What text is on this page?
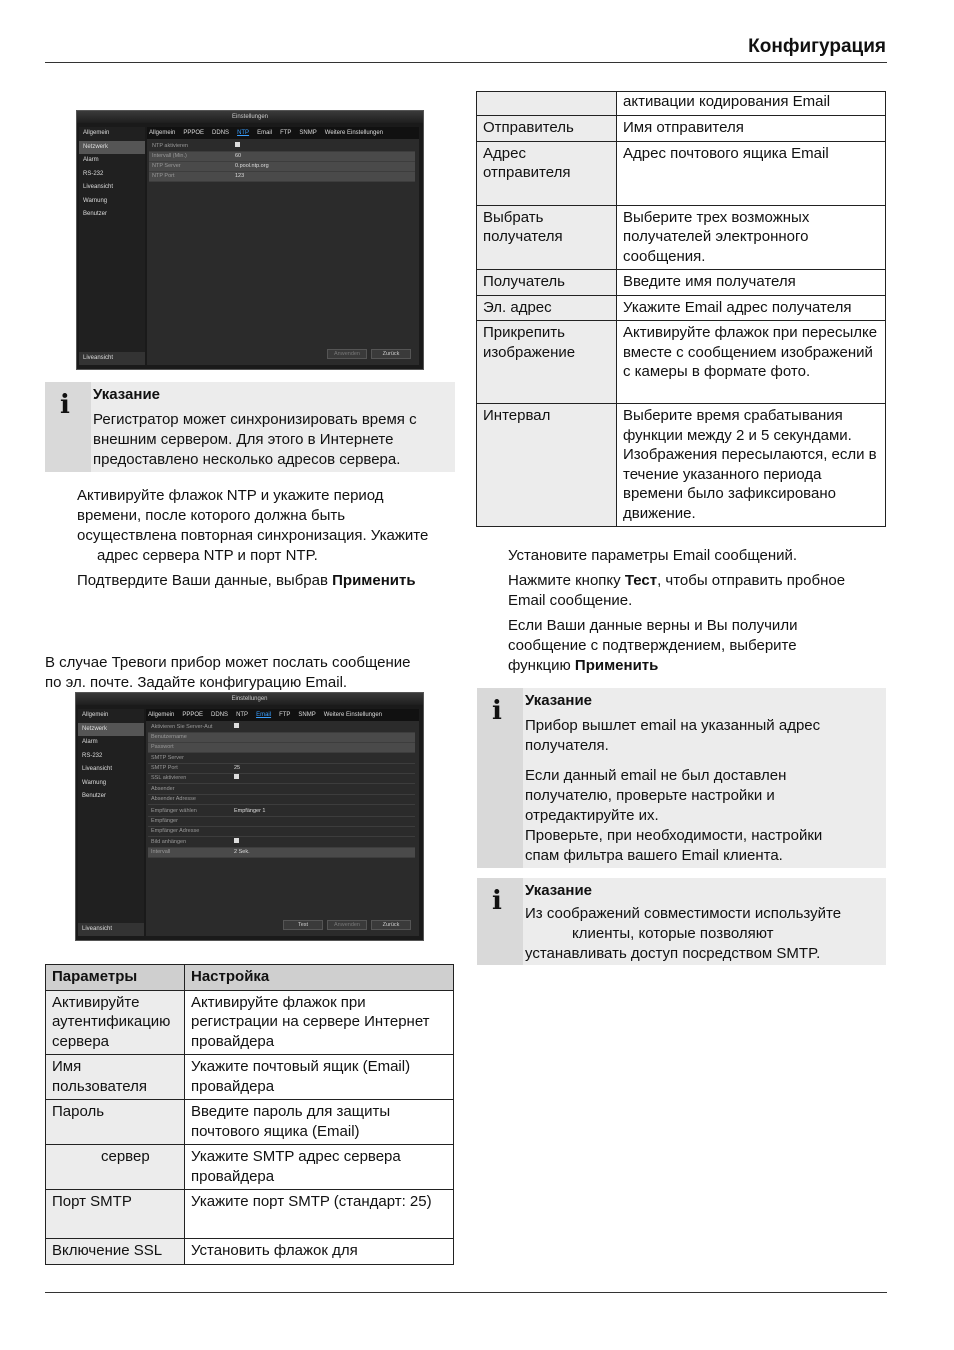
Конфигурация
Einstellungen
Allgemein
Netzwerk
Alarm
RS-232
Liveansicht
Warnung
Benutzer
Liveansicht
Allgemein PPPOE DDNS NTP Email FTP SNMP Weitere Einstellungen
NTP aktivieren
Intervall (Min.)	60
NTP Server	0.pool.ntp.org
NTP Port	123
Anwenden	Zurück
i Указание
Регистратор может синхронизировать время с
внешним сервером. Для этого в Интернете
предоставлено несколько адресов сервера.
Активируйте флажок NTP и укажите период
времени, после которого должна быть
осуществлена повторная синхронизация. Укажите
адрес сервера NTP и порт NTP.
Подтвердите Ваши данные, выбрав Применить
В случае Тревоги прибор может послать сообщение
по эл. почте. Задайте конфигурацию Email.
Einstellungen
Allgemein
Netzwerk
Alarm
RS-232
Liveansicht
Warnung
Benutzer
Liveansicht
Allgemein PPPOE DDNS NTP Email FTP SNMP Weitere Einstellungen
Aktivieren Sie Server-Aut
Benutzername
Passwort
SMTP Server
SMTP Port	25
SSL aktivieren
Absender
Absender Adresse
Empfänger wählen	Empfänger 1
Empfänger
Empfänger Adresse
Bild anhängen
Intervall	2 Sek.
Test	Anwenden	Zurück
Параметры	Настройка
Активируйте аутентификацию сервера	Активируйте флажок при регистрации на сервере Интернет провайдера
Имя пользователя	Укажите почтовый ящик (Email) провайдера
Пароль	Введите пароль для защиты почтового ящика (Email)
сервер	Укажите SMTP адрес сервера провайдера
Порт SMTP	Укажите порт SMTP (стандарт: 25)
Включение SSL	Установить флажок для
	активации кодирования Email
Отправитель	Имя отправителя
Адрес отправителя	Адрес почтового ящика Email
Выбрать получателя	Выберите трех возможных получателей электронного сообщения.
Получатель	Введите имя получателя
Эл. адрес	Укажите Email адрес получателя
Прикрепить изображение	Активируйте флажок при пересылке вместе с сообщением изображений с камеры в формате фото.
Интервал	Выберите время срабатывания функции между 2 и 5 секундами. Изображения пересылаются, если в течение указанного периода времени было зафиксировано движение.
Установите параметры Email сообщений.
Нажмите кнопку Тест, чтобы отправить пробное
Email сообщение.
Если Ваши данные верны и Вы получили
сообщение с подтверждением, выберите
функцию Применить
i Указание
Прибор вышлет email на указанный адрес
получателя.
Если данный email не был доставлен
получателю, проверьте настройки и
отредактируйте их.
Проверьте, при необходимости, настройки
спам фильтра вашего Email клиента.
i Указание
Из соображений совместимости используйте
клиенты, которые позволяют
устанавливать доступ посредством SMTP.
